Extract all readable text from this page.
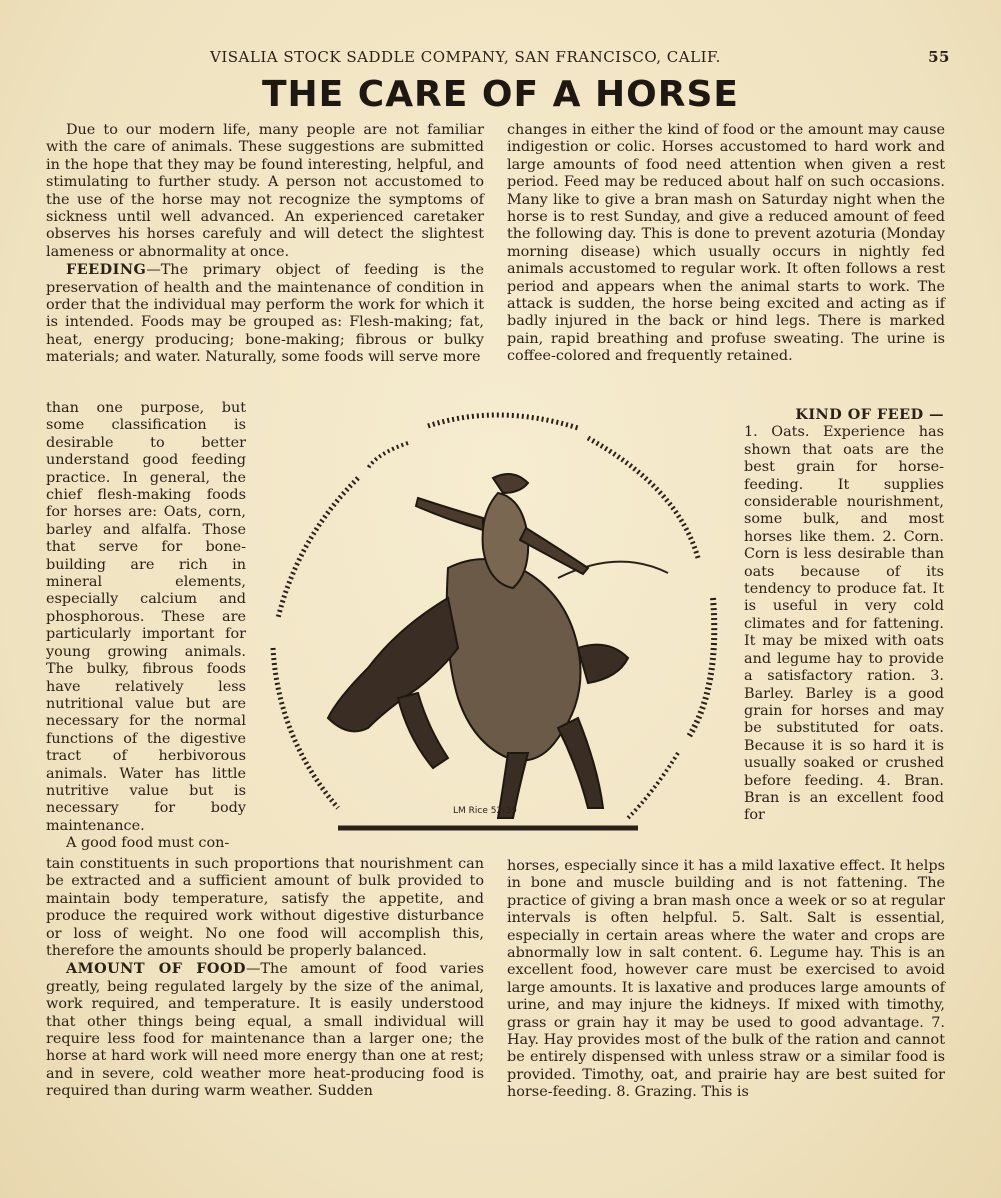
VISALIA STOCK SADDLE COMPANY, SAN FRANCISCO, CALIF.	55
THE CARE OF A HORSE

Due to our modern life, many people are not familiar with the care of animals. These suggestions are submitted in the hope that they may be found interesting, helpful, and stimulating to further study. A person not accustomed to the use of the horse may not recognize the symptoms of sickness until well advanced. An experienced caretaker observes his horses carefuly and will detect the slightest lameness or abnormality at once.

FEEDING—The primary object of feeding is the preservation of health and the maintenance of condition in order that the individual may perform the work for which it is intended. Foods may be grouped as: Flesh-making; fat, heat, energy producing; bone-making; fibrous or bulky materials; and water. Naturally, some foods will serve more

than one purpose, but some classification is desirable to better understand good feeding practice. In general, the chief flesh-making foods for horses are: Oats, corn, barley and alfalfa. Those that serve for bone-building are rich in mineral elements, especially calcium and phosphorous. These are particularly important for young growing animals. The bulky, fibrous foods have relatively less nutritional value but are necessary for the normal functions of the digestive tract of herbivorous animals. Water has little nutritive value but is necessary for body maintenance.

A good food must con-

tain constituents in such proportions that nourishment can be extracted and a sufficient amount of bulk provided to maintain body temperature, satisfy the appetite, and produce the required work without digestive disturbance or loss of weight. No one food will accomplish this, therefore the amounts should be properly balanced.

AMOUNT OF FOOD—The amount of food varies greatly, being regulated largely by the size of the animal, work required, and temperature. It is easily understood that other things being equal, a small individual will require less food for maintenance than a larger one; the horse at hard work will need more energy than one at rest; and in severe, cold weather more heat-producing food is required than during warm weather. Sudden

changes in either the kind of food or the amount may cause indigestion or colic. Horses accustomed to hard work and large amounts of food need attention when given a rest period. Feed may be reduced about half on such occasions. Many like to give a bran mash on Saturday night when the horse is to rest Sunday, and give a reduced amount of feed the following day. This is done to prevent azoturia (Monday morning disease) which usually occurs in nightly fed animals accustomed to regular work. It often follows a rest period and appears when the animal starts to work. The attack is sudden, the horse being excited and acting as if badly injured in the back or hind legs. There is marked pain, rapid breathing and profuse sweating. The urine is coffee-colored and frequently retained.

KIND OF FEED —

1. Oats. Experience has shown that oats are the best grain for horse-feeding. It supplies considerable nourishment, some bulk, and most horses like them. 2. Corn. Corn is less desirable than oats because of its tendency to produce fat. It is useful in very cold climates and for fattening. It may be mixed with oats and legume hay to provide a satisfactory ration. 3. Barley. Barley is a good grain for horses and may be substituted for oats. Because it is so hard it is usually soaked or crushed before feeding. 4. Bran. Bran is an excellent food for

horses, especially since it has a mild laxative effect. It helps in bone and muscle building and is not fattening. The practice of giving a bran mash once a week or so at regular intervals is often helpful. 5. Salt. Salt is essential, especially in certain areas where the water and crops are abnormally low in salt content. 6. Legume hay. This is an excellent food, however care must be exercised to avoid large amounts. It is laxative and produces large amounts of urine, and may injure the kidneys. If mixed with timothy, grass or grain hay it may be used to good advantage. 7. Hay. Hay provides most of the bulk of the ration and cannot be entirely dispensed with unless straw or a similar food is provided. Timothy, oat, and prairie hay are best suited for horse-feeding. 8. Grazing. This is

LM Rice 52-39
